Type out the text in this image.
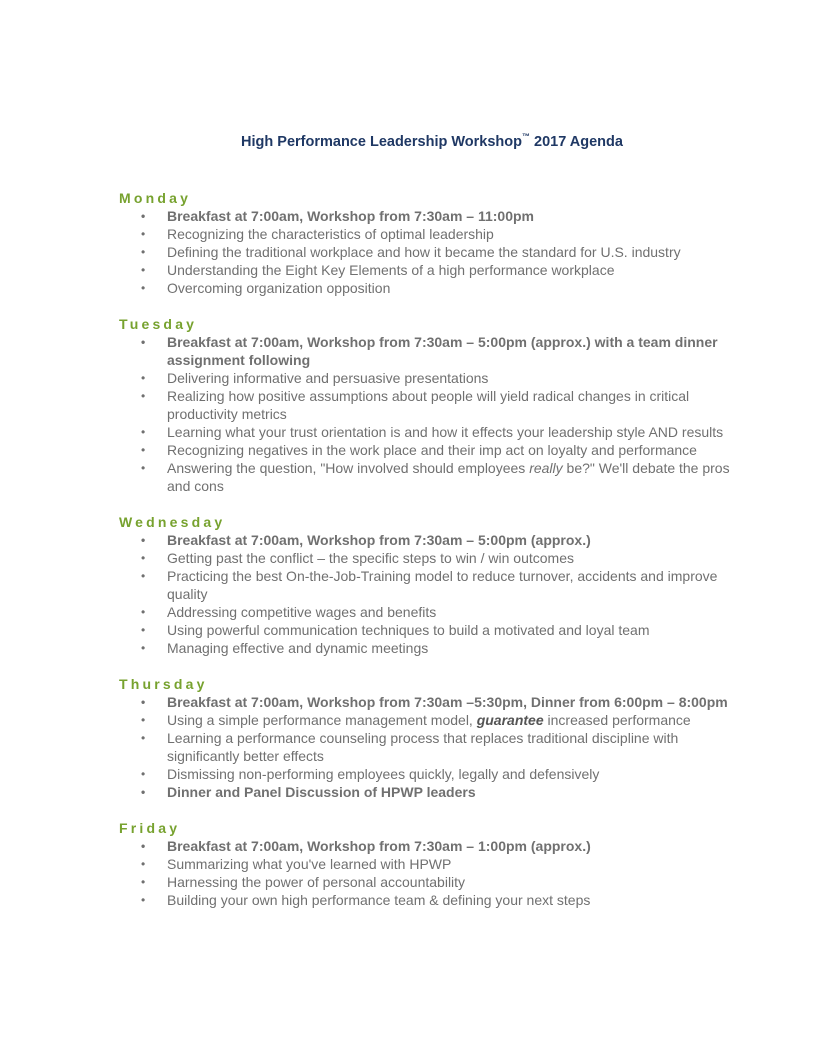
High Performance Leadership Workshop™ 2017 Agenda
Monday
• Breakfast at 7:00am, Workshop from 7:30am – 11:00pm
• Recognizing the characteristics of optimal leadership
• Defining the traditional workplace and how it became the standard for U.S. industry
• Understanding the Eight Key Elements of a high performance workplace
• Overcoming organization opposition
Tuesday
• Breakfast at 7:00am, Workshop from 7:30am – 5:00pm (approx.) with a team dinner assignment following
• Delivering informative and persuasive presentations
• Realizing how positive assumptions about people will yield radical changes in critical productivity metrics
• Learning what your trust orientation is and how it effects your leadership style AND results
• Recognizing negatives in the work place and their imp act on loyalty and performance
• Answering the question, "How involved should employees really be?" We'll debate the pros and cons
Wednesday
• Breakfast at 7:00am, Workshop from 7:30am – 5:00pm (approx.)
• Getting past the conflict – the specific steps to win / win outcomes
• Practicing the best On-the-Job-Training model to reduce turnover, accidents and improve quality
• Addressing competitive wages and benefits
• Using powerful communication techniques to build a motivated and loyal team
• Managing effective and dynamic meetings
Thursday
• Breakfast at 7:00am, Workshop from 7:30am –5:30pm, Dinner from 6:00pm – 8:00pm
• Using a simple performance management model, guarantee increased performance
• Learning a performance counseling process that replaces traditional discipline with significantly better effects
• Dismissing non-performing employees quickly, legally and defensively
• Dinner and Panel Discussion of HPWP leaders
Friday
• Breakfast at 7:00am, Workshop from 7:30am – 1:00pm (approx.)
• Summarizing what you've learned with HPWP
• Harnessing the power of personal accountability
• Building your own high performance team & defining your next steps
